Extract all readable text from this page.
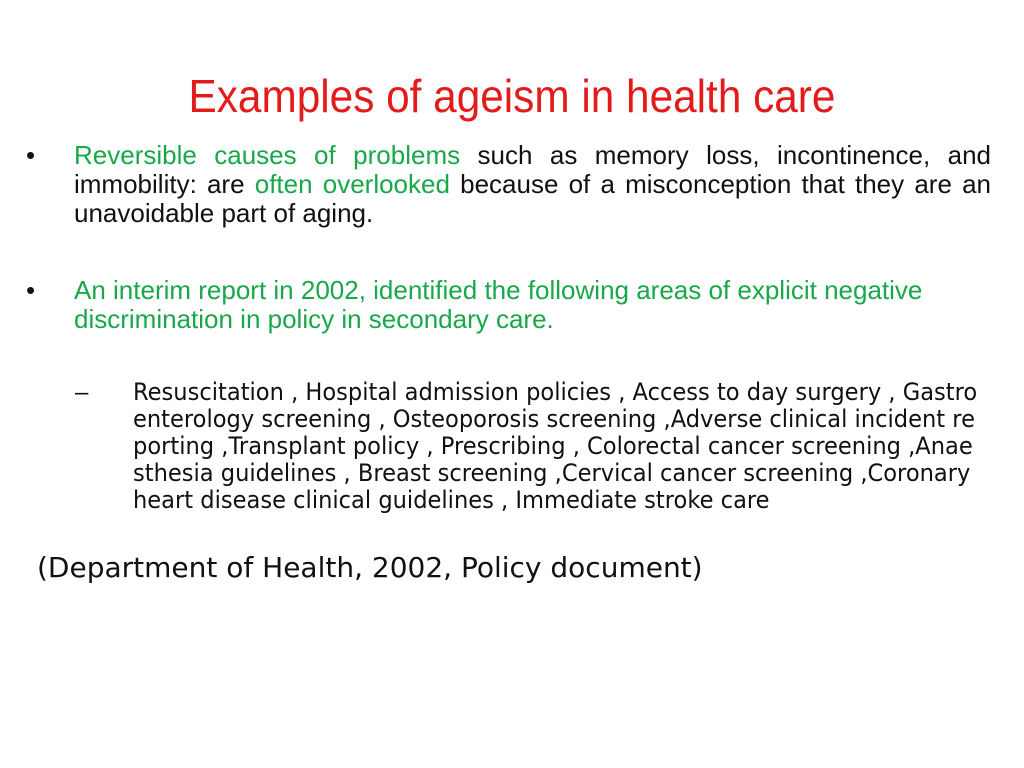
Examples of ageism in health care
• Reversible causes of problems such as memory loss, incontinence, and immobility: are often overlooked because of a misconception that they are an unavoidable part of aging.
• An interim report in 2002, identified the following areas of explicit negative discrimination in policy in secondary care.
– Resuscitation , Hospital admission policies , Access to day surgery , Gastroenterology screening , Osteoporosis screening ,Adverse clinical incident reporting ,Transplant policy , Prescribing , Colorectal cancer screening ,Anaesthesia guidelines , Breast screening ,Cervical cancer screening ,Coronary heart disease clinical guidelines , Immediate stroke care
(Department of Health, 2002, Policy document)
